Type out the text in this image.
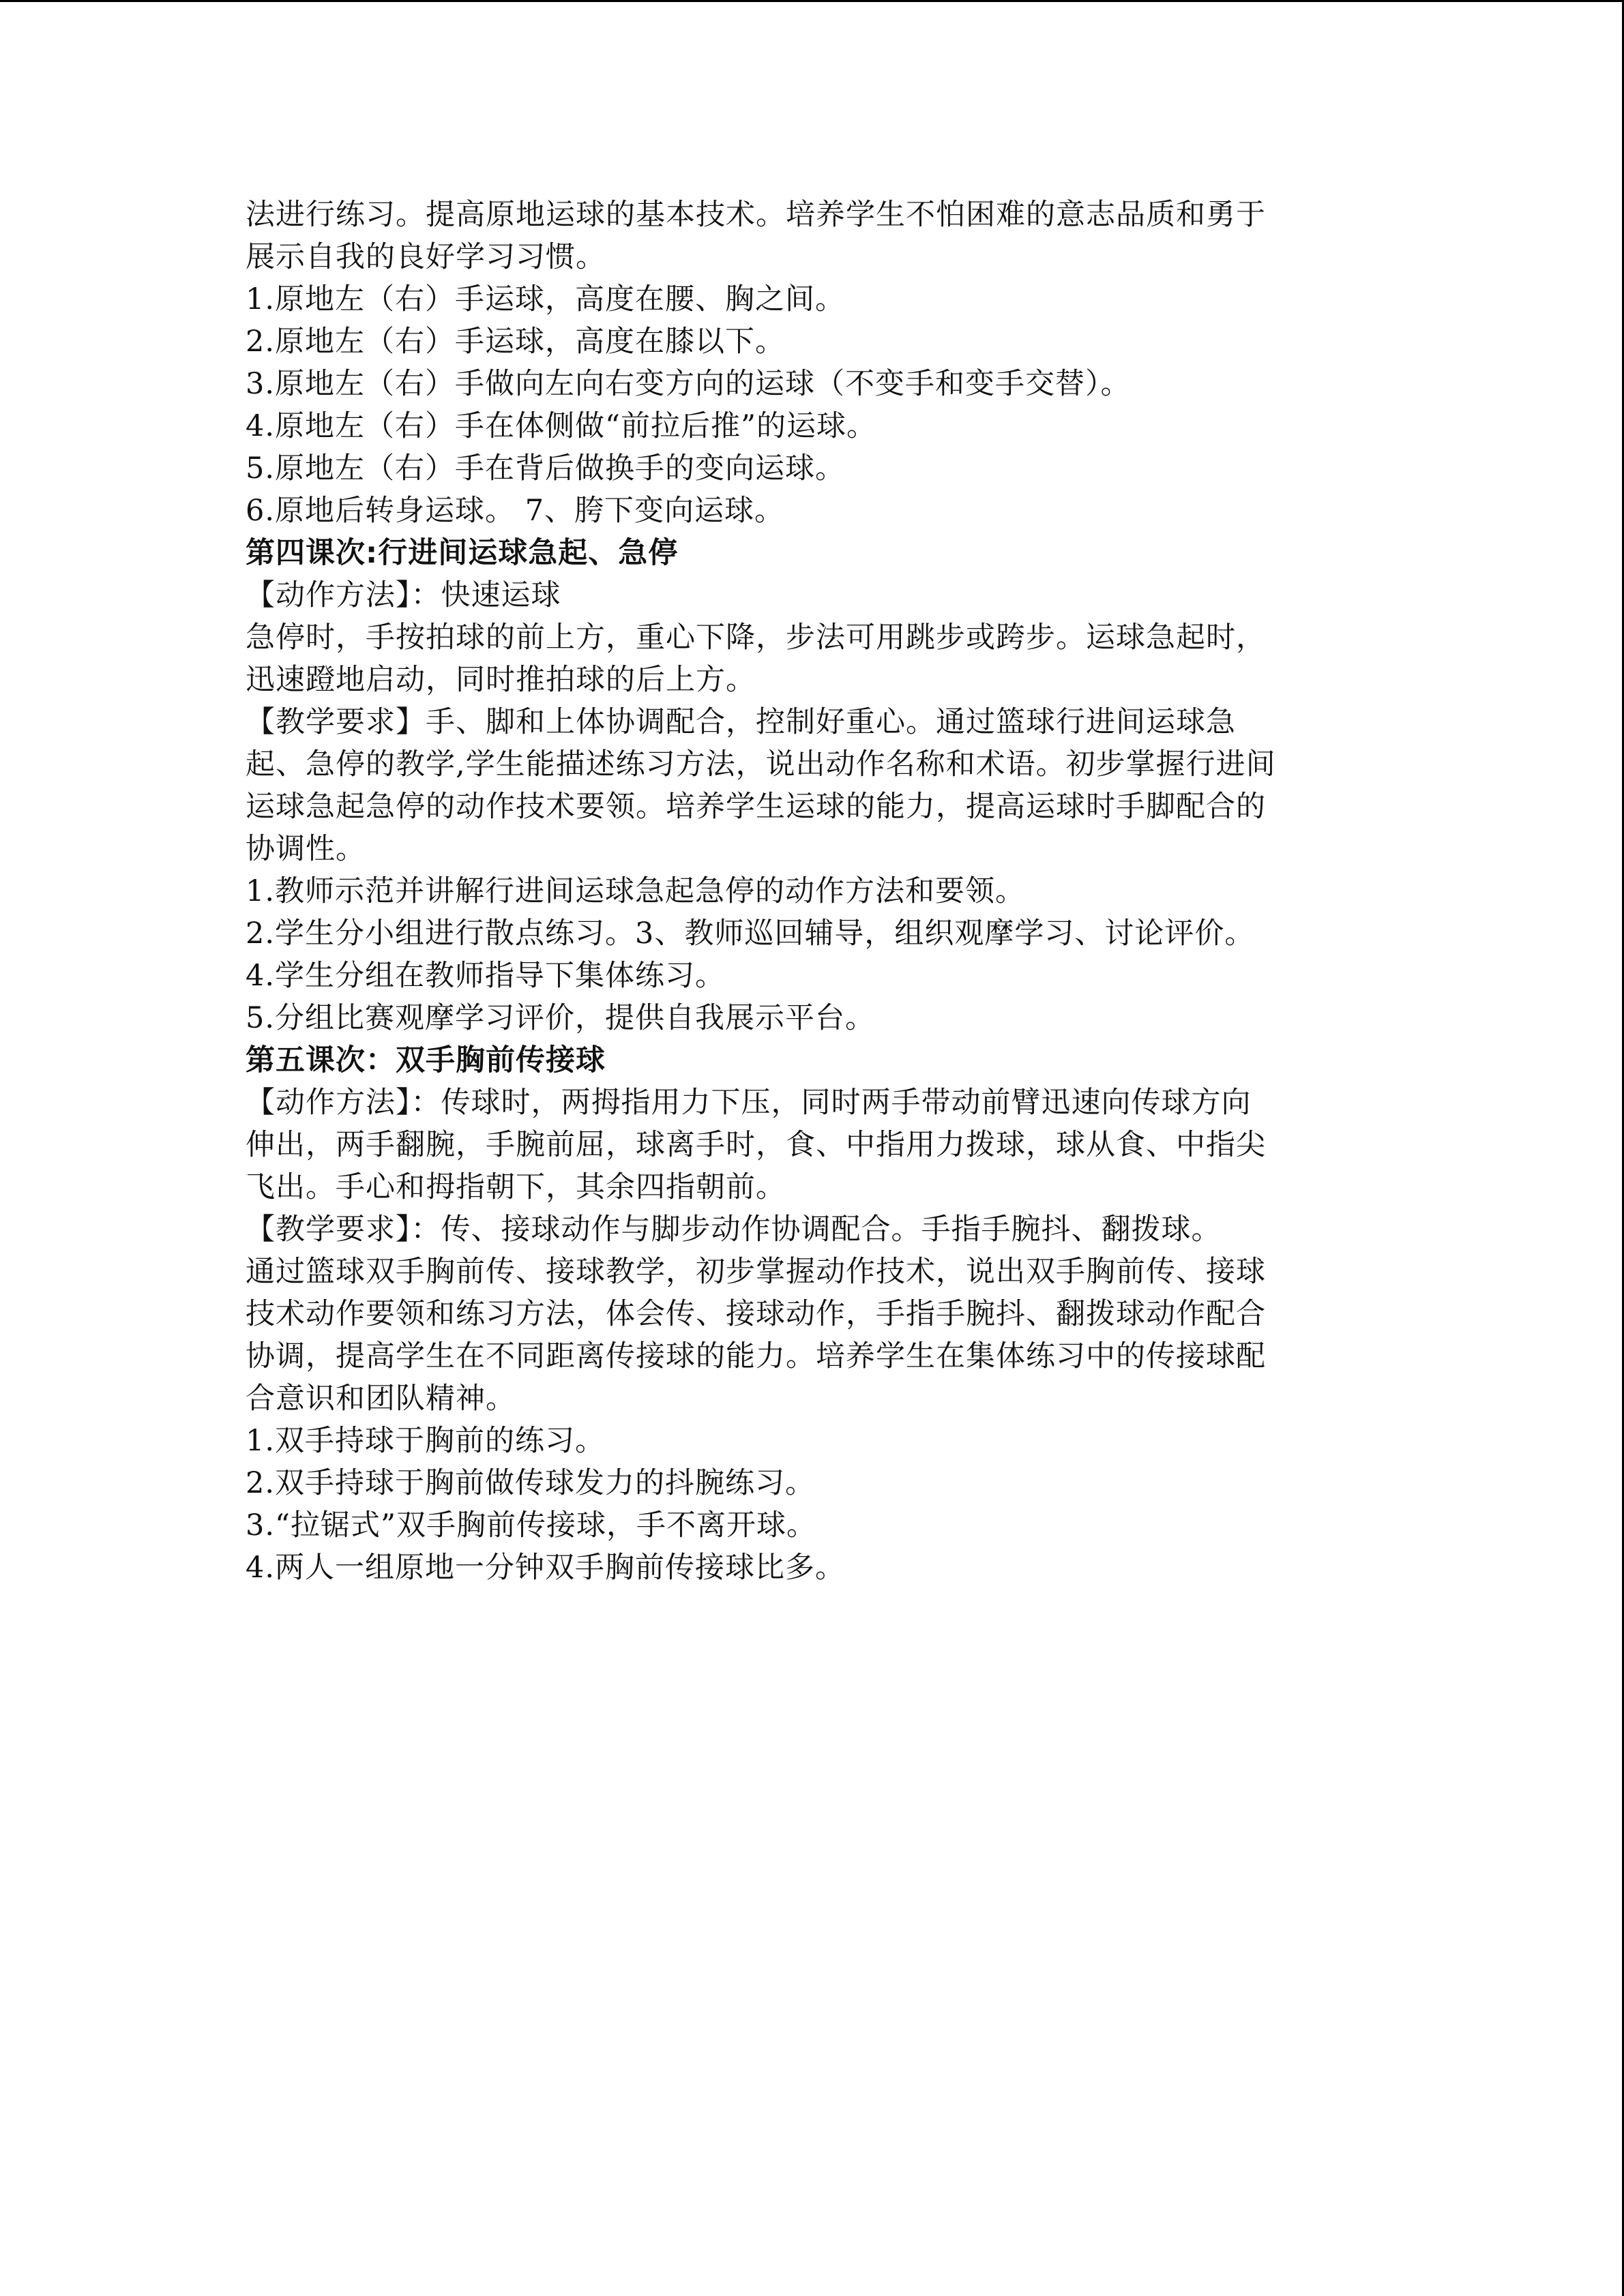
法进行练习。提高原地运球的基本技术。培养学生不怕困难的意志品质和勇于
展示自我的良好学习习惯。
1.原地左（右）手运球，高度在腰、胸之间。
2.原地左（右）手运球，高度在膝以下。
3.原地左（右）手做向左向右变方向的运球（不变手和变手交替）。
4.原地左（右）手在体侧做“前拉后推”的运球。
5.原地左（右）手在背后做换手的变向运球。
6.原地后转身运球。 7、胯下变向运球。
第四课次:行进间运球急起、急停
【动作方法】：快速运球
急停时，手按拍球的前上方，重心下降，步法可用跳步或跨步。运球急起时，
迅速蹬地启动，同时推拍球的后上方。
【教学要求】手、脚和上体协调配合，控制好重心。通过篮球行进间运球急
起、急停的教学,学生能描述练习方法，说出动作名称和术语。初步掌握行进间
运球急起急停的动作技术要领。培养学生运球的能力，提高运球时手脚配合的
协调性。
1.教师示范并讲解行进间运球急起急停的动作方法和要领。
2.学生分小组进行散点练习。3、教师巡回辅导，组织观摩学习、讨论评价。
4.学生分组在教师指导下集体练习。
5.分组比赛观摩学习评价，提供自我展示平台。
第五课次：双手胸前传接球
【动作方法】：传球时，两拇指用力下压，同时两手带动前臂迅速向传球方向
伸出，两手翻腕，手腕前屈，球离手时，食、中指用力拨球，球从食、中指尖
飞出。手心和拇指朝下，其余四指朝前。
【教学要求】：传、接球动作与脚步动作协调配合。手指手腕抖、翻拨球。
通过篮球双手胸前传、接球教学，初步掌握动作技术，说出双手胸前传、接球
技术动作要领和练习方法，体会传、接球动作，手指手腕抖、翻拨球动作配合
协调，提高学生在不同距离传接球的能力。培养学生在集体练习中的传接球配
合意识和团队精神。
1.双手持球于胸前的练习。
2.双手持球于胸前做传球发力的抖腕练习。
3.“拉锯式”双手胸前传接球，手不离开球。
4.两人一组原地一分钟双手胸前传接球比多。
